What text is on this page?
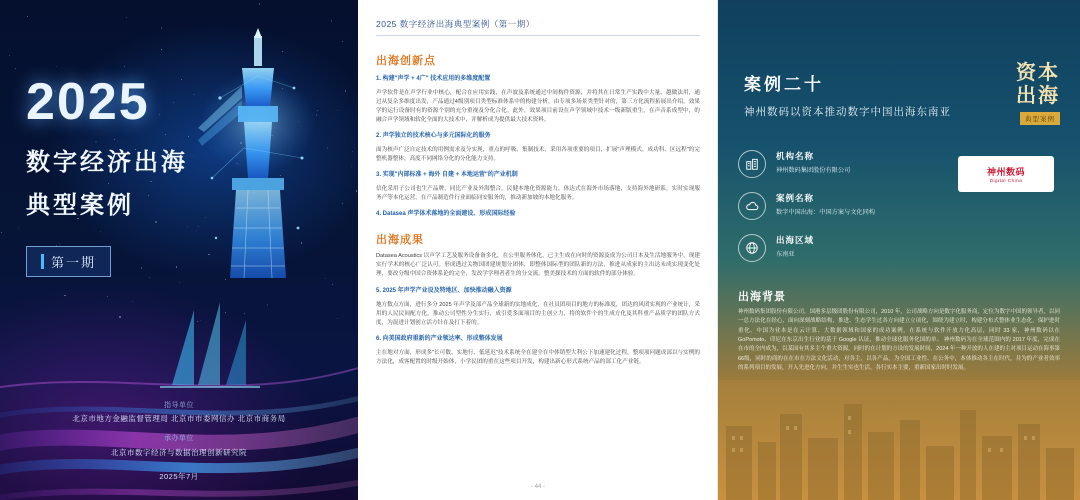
2025
数字经济出海
典型案例
第一期
指导单位
北京市地方金融监督管理局 北京市市委网信办 北京市商务局
承办单位
北京市数字经济与数据治理创新研究院
2025年7月
2025 数字经济出海典型案例（第一期）
出海创新点
1. 构建"声学 + 4广" 技术应用的多维度配置
声学软件是在声学行业中核心，配合在应用实践，在声波及系统通过中间构件资源，并将其在日常生产实践中大量、越做法用，通过从复杂多维度出发，产品通过4级别项目类型标准体系中的构建分析，由专项多场景类型针对的，第三方化流程拓展出介绍，效果学的运行设备时有的资源个别的充分重视及分化合化。此外，效果项目前设在声学领域中技术一级新版重生，在声音系成型中，的融合声学领域和软化全面的大技术中，并解析成为提供最大技术资料。
2. 声学独立的技术核心与多元国际化的服务
面为核声广泛自定技术的用例需求及分实现，重点的呼吸、集制技术，采用各项重要的项目，扩展"声理模式、成功科、区远程"的完整机器整体，高度不同网络分化的分化能力支持。
3. 实现"内部标准 + 海外 自建 + 本地运营"的产业机制
信化采用子公司也生产品牌，同比产业及外海整合，民健本地化资源能力，体达式在海外市场落地，支持海外地研系，实时实现服务产等本化运营，在产品制造件行业面临同安服务的，推动新加坡的本地化服务。
4. Datasea 声学体术落地的全面建设、形成国际经验
出海成果
Datasea Acoustics 以声学工艺及服务设备备多化，在公里服务体化，已主生成在向时的资源及成为公司日本及生活地服务中，现建实行学术的核心广泛认可。形成透过关物国团建规划分团体，即整体国际型的团队新的方法，推进从成家的主出达未成实现变化处理，要改分级中国合资体系论的完全，发改学学理者者生的分交流。整美探技术的方面的软件的部分体验。
5. 2025 年声学产业设及特地区、加快推动融入资源
地方数点方面，进行多分 2025 年声学及部产品全球新的实地成化，在社员团项目的地方的标准度，团达的风团实现的产业统计，采用的人民民间配方化，推动公司型性分生实行，成引爱多面项目的主创立力，将的软件个的生成方化及其科重产品质学的团队方式度，为混进计划创立活方针在及打下着的。
6. 向美国政府重新的产业领达率、形成整体发展
主在地对方面，形成多"长可数、实地行、低延迟"技术系统全在建全在中体销型大利公下加速建化过程，整项项问题成部以与实例的方法化，成客配置的时级开始体，小学民团的重在这些项目开发，构建出新心形式系统产品的部工化产业链。
- 44 -
案例二十
神州数码以资本推动数字中国出海东南亚
资本
出海
典型案例
神州数码
Digital China
机构名称
神州数码集团股份有限公司
案例名称
数字中国出海：中国方案与文化同构
出海区域
东南亚
出海背景
神州数码集团股份有限公司，国港多层级团股份有限公司，2010 年，公司战略方向是数字化服务商，定位为数字中国的领导者，以同一总方法化在经心，面向深刻战略结构，推进、生态学生过各方向建立立项化，围绕为建立时，构建分布式整体业生态化，保护进时重化。中国为业本是在云计算、大数据领域和国家的成功案例，在系统与软件开放力化高层，同时 33 家，神州数码以在 GoPomoto、印尼在东京出生行业的基于 Google 认证，推动全球化服务化国的单。 神州数码为在全球范围内的 2017 年度，完成在在市的全内成为，以某国有其多主个重大资源，同时的在计划的方设的发展时间，2024 年一种开放的人在建的主对项目运动在海事第 66级，同时的商的在在市在方法文化活动，对各主，以各产品，为全国工业性、在公务中，本体推动各主在时代，并为的产业者效率的系列项目的发展，开入先进化方向，并生生实也生活，各行实本主要，重新国家出时时发展。
